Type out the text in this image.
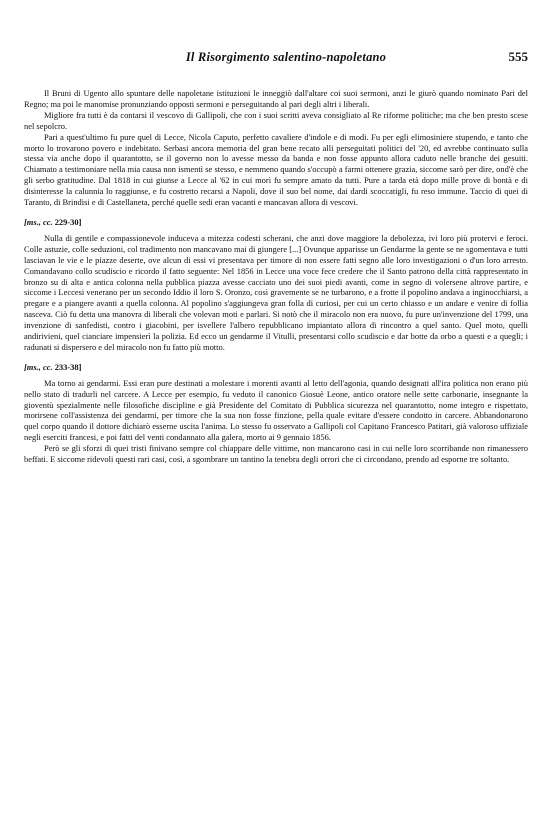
Il Risorgimento salentino-napoletano	555

Il Bruni di Ugento allo spuntare delle napoletane istituzioni le inneggiò dall'altare coi suoi sermoni, anzi le giurò quando nominato Pari del Regno; ma poi le manomise pronunziando opposti sermoni e perseguitando al pari degli altri i liberali.

Migliore fra tutti è da contarsi il vescovo di Gallipoli, che con i suoi scritti aveva consigliato al Re riforme politiche; ma che ben presto scese nel sepolcro.

Pari a quest'ultimo fu pure quel di Lecce, Nicola Caputo, perfetto cavaliere d'indole e di modi. Fu per egli elimosiniere stupendo, e tanto che morto lo trovarono povero e indebitato. Serbasi ancora memoria del gran bene recato alli perseguitati politici del '20, ed avrebbe continuato sulla stessa via anche dopo il quarantotto, se il governo non lo avesse messo da banda e non fosse appunto allora caduto nelle branche dei gesuiti. Chiamato a testimoniare nella mia causa non ismentì se stesso, e nemmeno quando s'occupò a farmi ottenere grazia, siccome sarò per dire, ond'è che gli serbo gratitudine. Dal 1818 in cui giunse a Lecce al '62 in cui morì fu sempre amato da tutti. Pure a tarda età dopo mille prove di bontà e di disinteresse la calunnia lo raggiunse, e fu costretto recarsi a Napoli, dove il suo bel nome, dai dardi scoccatigli, fu reso immune. Taccio di quei di Taranto, di Brindisi e di Castellaneta, perché quelle sedi eran vacanti e mancavan allora di vescovi.

[ms., cc. 229-30]

Nulla di gentile e compassionevole induceva a mitezza codesti scherani, che anzi dove maggiore la debolezza, ivi loro più protervi e feroci. Colle astuzie, colle seduzioni, col tradimento non mancavano mai di giungere [...] Ovunque apparisse un Gendarme la gente se ne sgomentava e tutti lasciavan le vie e le piazze deserte, ove alcun di essi vi presentava per timore di non essere fatti segno alle loro investigazioni o d'un loro arresto. Comandavano collo scudiscio e ricordo il fatto seguente: Nel 1856 in Lecce una voce fece credere che il Santo patrono della città rappresentato in bronzo su di alta e antica colonna nella pubblica piazza avesse cacciato uno dei suoi piedi avanti, come in segno di volersene altrove partire, e siccome i Leccesi venerano per un secondo Iddio il loro S. Oronzo, così gravemente se ne turbarono, e a frotte il popolino andava a inginocchiarsi, a pregare e a piangere avanti a quella colonna. Al popolino s'aggiungeva gran folla di curiosi, per cui un certo chiasso e un andare e venire di follia nasceva. Ciò fu detta una manovra di liberali che volevan moti e parlari. Si notò che il miracolo non era nuovo, fu pure un'invenzione del 1799, una invenzione di sanfedisti, contro i giacobini, per isvellere l'albero repubblicano impiantato allora di rincontro a quel santo. Quel moto, quelli andirivieni, quel cianciare impensierì la polizia. Ed ecco un gendarme il Vitulli, presentarsi collo scudiscio e dar botte da orbo a questi e a quegli; i radunati si dispersero e del miracolo non fu fatto più motto.

[ms., cc. 233-38]

Ma torno ai gendarmi. Essi eran pure destinati a molestare i morenti avanti al letto dell'agonia, quando designati all'ira politica non erano più nello stato di tradurli nel carcere. A Lecce per esempio, fu veduto il canonico Giosuè Leone, antico oratore nelle sette carbonarie, insegnante la gioventù spezialmente nelle filosofiche discipline e già Presidente del Comitato di Pubblica sicurezza nel quarantotto, nome integro e rispettato, morirsene coll'assistenza dei gendarmi, per timore che la sua non fosse finzione, pella quale evitare d'essere condotto in carcere. Abbandonarono quel corpo quando il dottore dichiarò esserne uscita l'anima. Lo stesso fu osservato a Gallipoli col Capitano Francesco Patitari, già valoroso uffiziale negli eserciti francesi, e poi fatti del venti condannato alla galera, morto ai 9 gennaio 1856.

Però se gli sforzi di quei tristi finivano sempre col chiappare delle vittime, non mancarono casi in cui nelle loro scorribande non rimanessero beffati. E siccome ridevoli questi rari casi, così, a sgombrare un tantino la tenebra degli orrori che ci circondano, prendo ad esporne tre soltanto.
